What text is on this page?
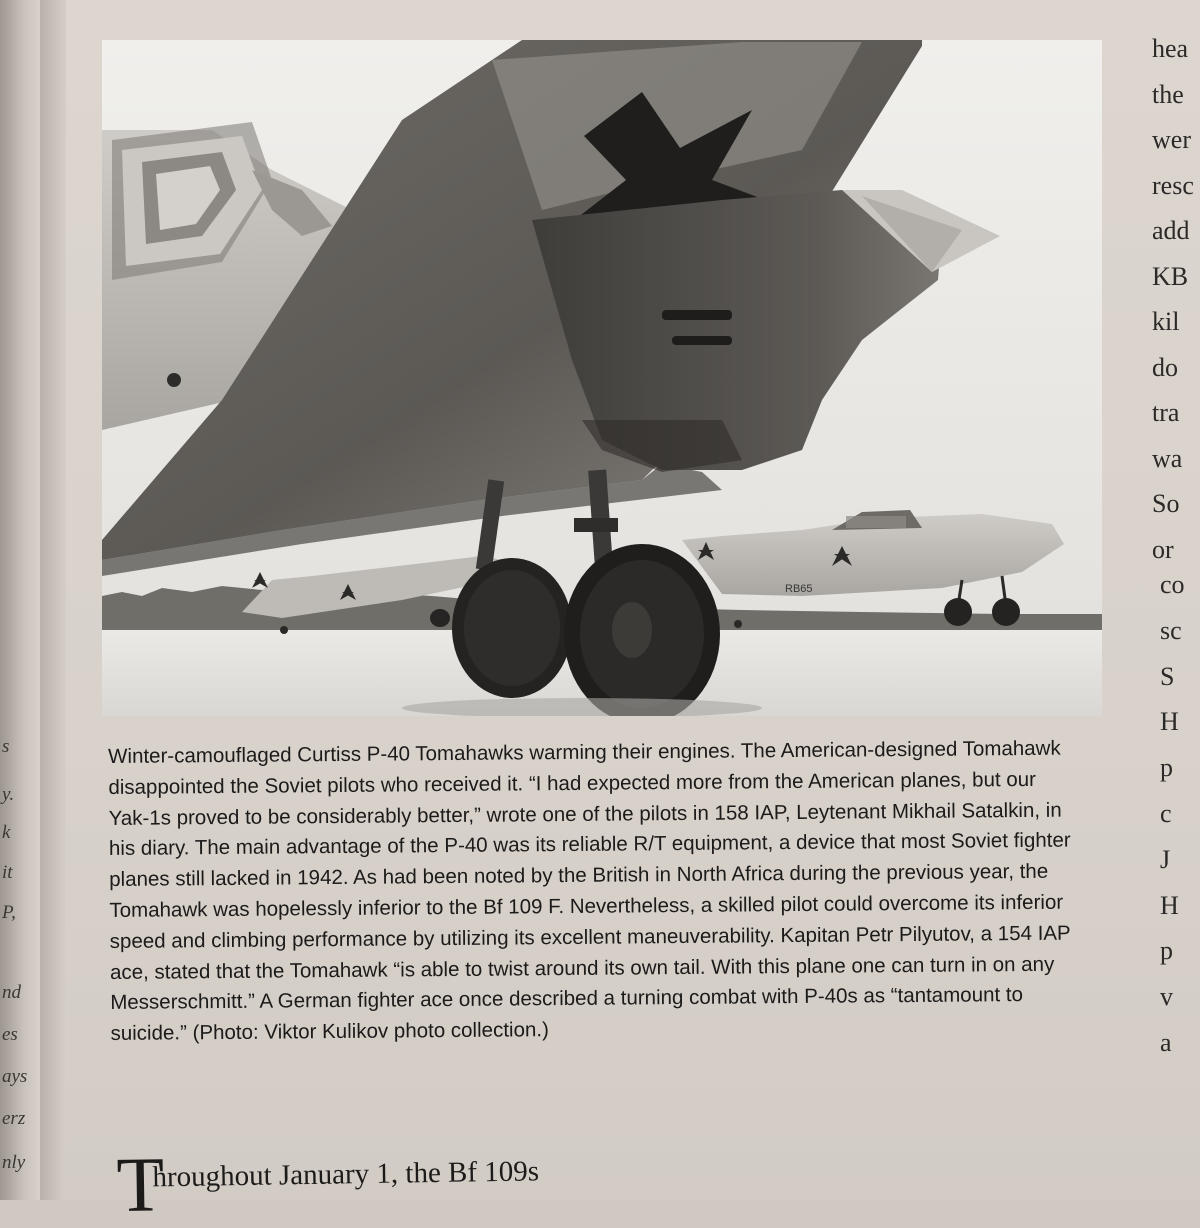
s
y.
k
it
P,
nd
es
ays
erz
nly
RB65

Winter-camouflaged Curtiss P-40 Tomahawks warming their engines. The American-designed Tomahawk
disappointed the Soviet pilots who received it. “I had expected more from the American planes, but our
Yak-1s proved to be considerably better,” wrote one of the pilots in 158 IAP, Leytenant Mikhail Satalkin, in
his diary. The main advantage of the P-40 was its reliable R/T equipment, a device that most Soviet fighter
planes still lacked in 1942. As had been noted by the British in North Africa during the previous year, the
Tomahawk was hopelessly inferior to the Bf 109 F. Nevertheless, a skilled pilot could overcome its inferior
speed and climbing performance by utilizing its excellent maneuverability. Kapitan Petr Pilyutov, a 154 IAP
ace, stated that the Tomahawk “is able to twist around its own tail. With this plane one can turn in on any
Messerschmitt.” A German fighter ace once described a turning combat with P-40s as “tantamount to
suicide.” (Photo: Viktor Kulikov photo collection.)

T
hroughout January 1, the Bf 109s
hea
the
wer
resc
add
KB
kil
do
tra
wa
So
or
co
sc
S
H
p
c
J
H
p
v
a
